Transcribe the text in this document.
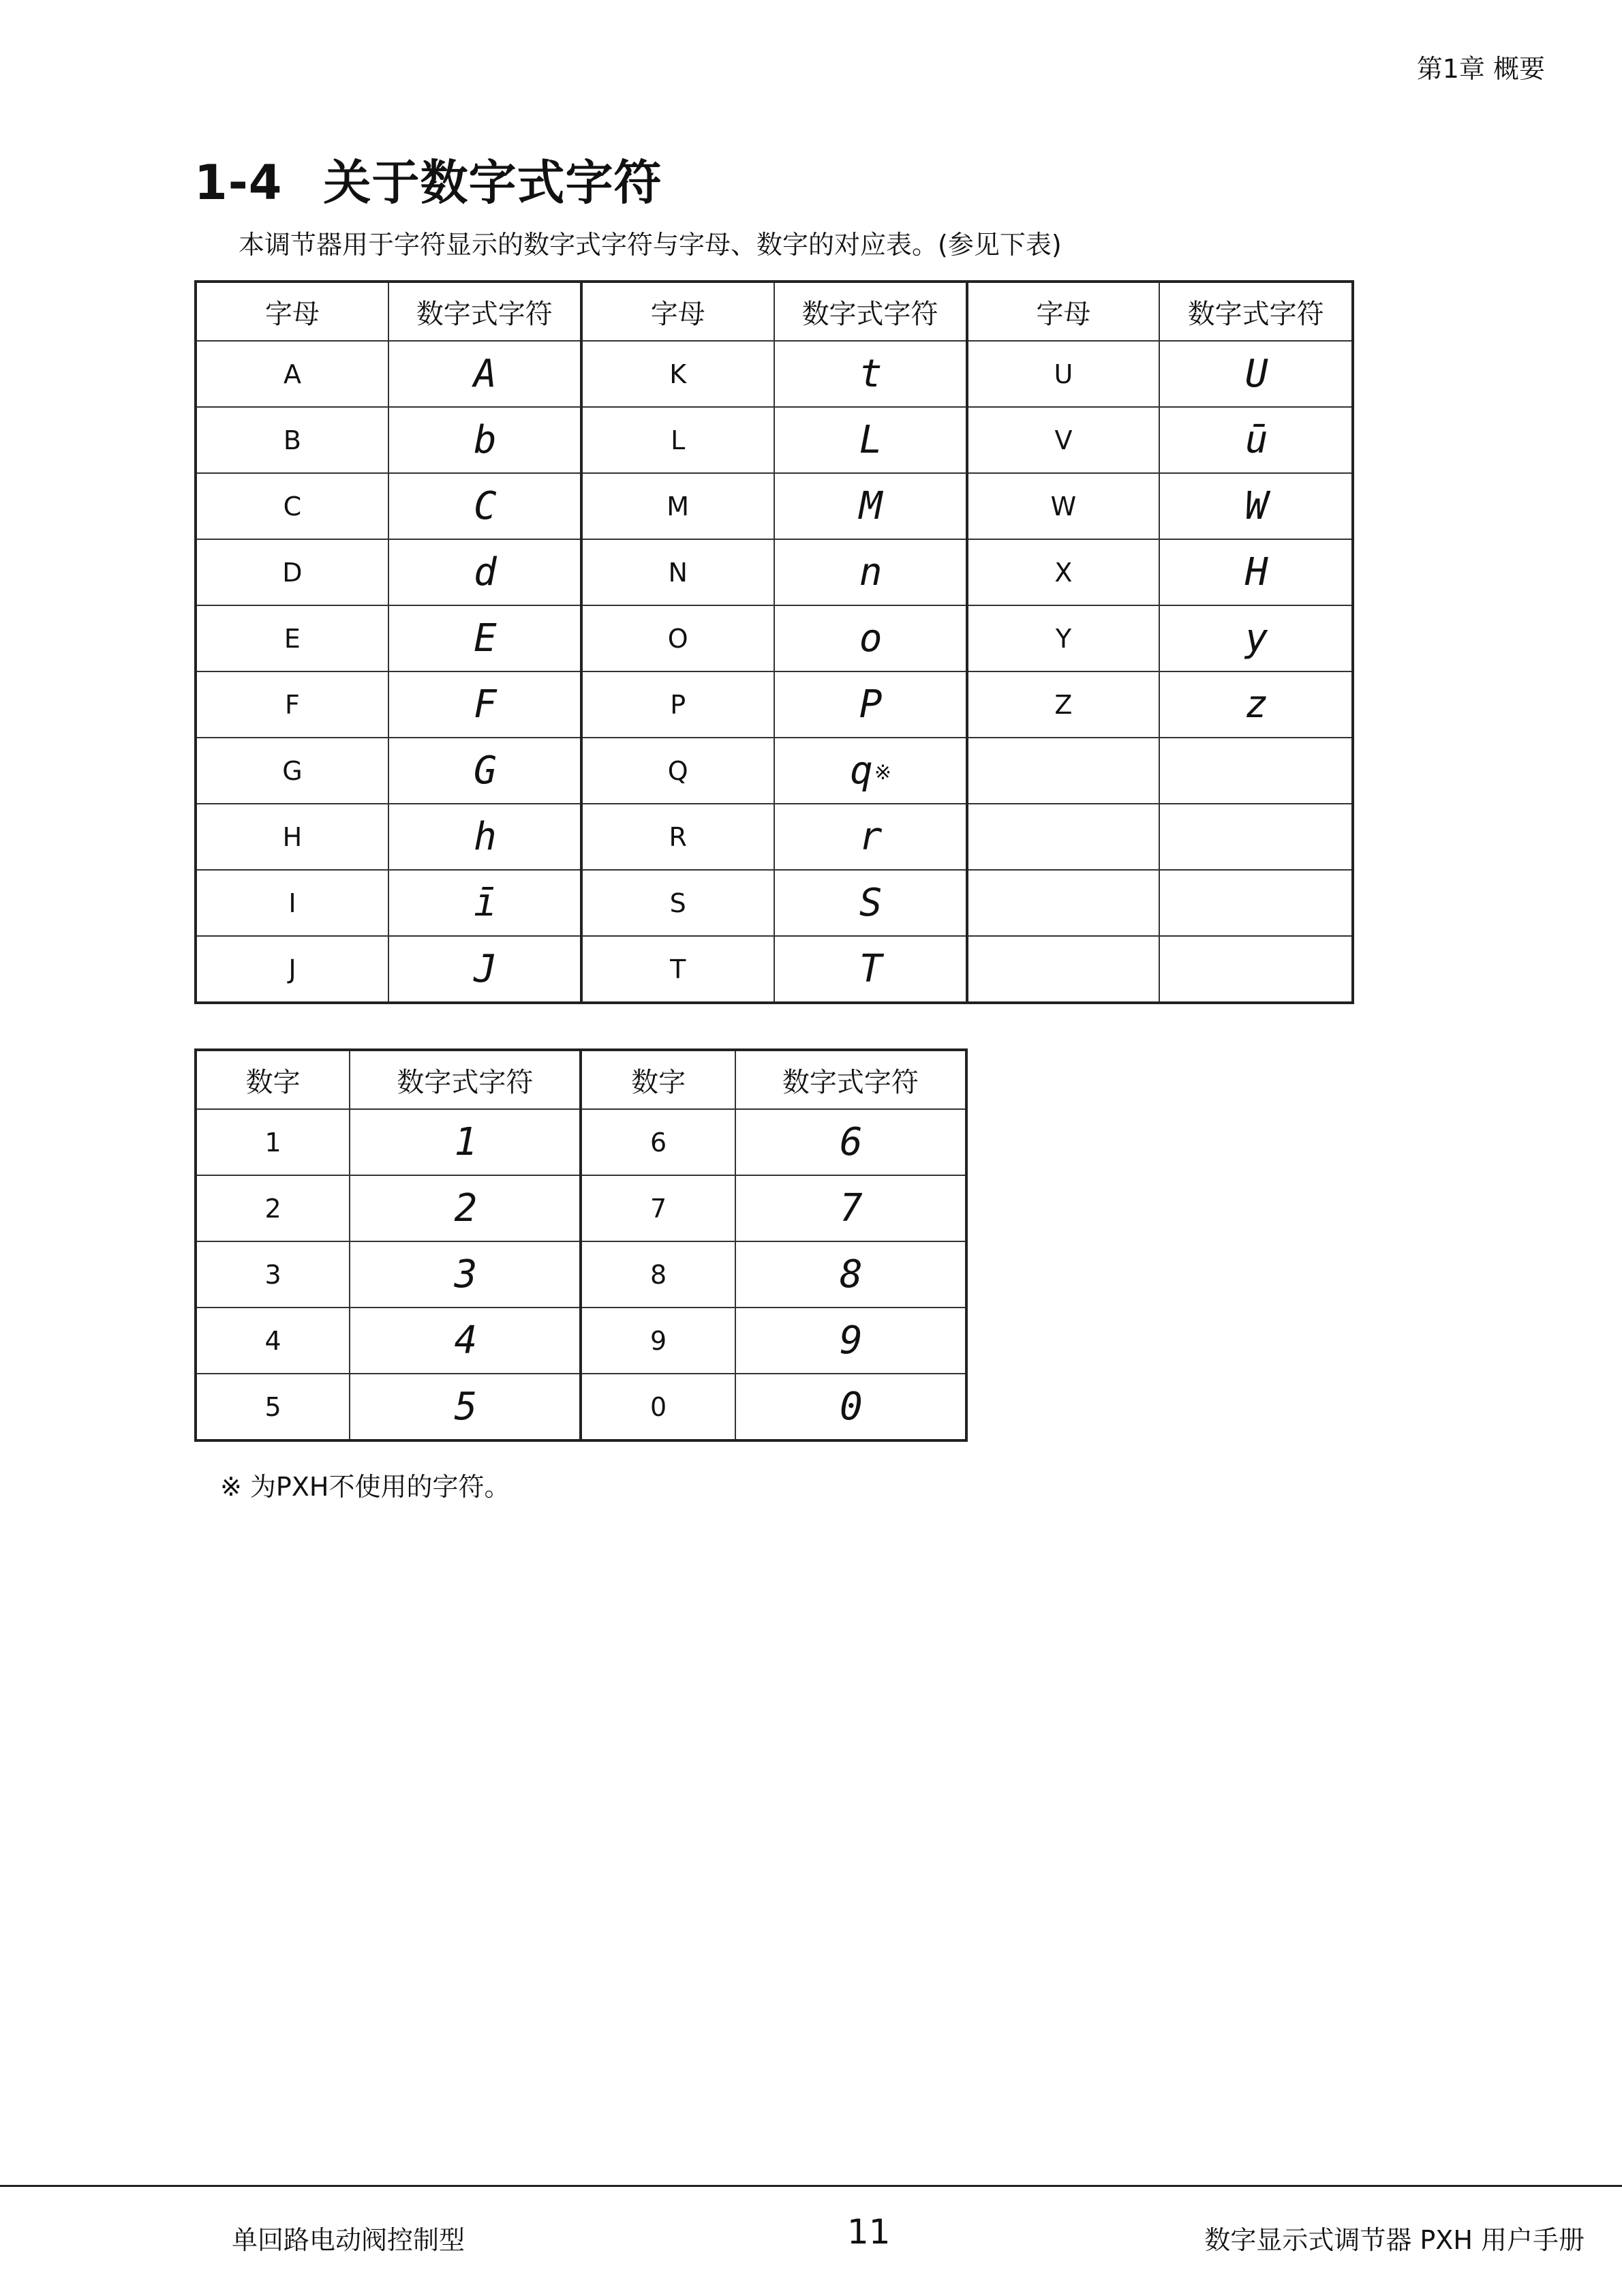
第1章 概要
1-4 关于数字式字符
本调节器用于字符显示的数字式字符与字母、数字的对应表。(参见下表)
字母	数字式字符	字母	数字式字符	字母	数字式字符
A	A	K	t	U	U
B	b	L	L	V	ū
C	C	M	M	W	W
D	d	N	n	X	H
E	E	O	o	Y	y
F	F	P	P	Z	z
G	G	Q	q ※		
H	h	R	r		
I	ī	S	S		
J	J	T	T		
数字	数字式字符	数字	数字式字符
1	1	6	6
2	2	7	7
3	3	8	8
4	4	9	9
5	5	0	0
※ 为PXH不使用的字符。
单回路电动阀控制型	11	数字显示式调节器 PXH 用户手册
